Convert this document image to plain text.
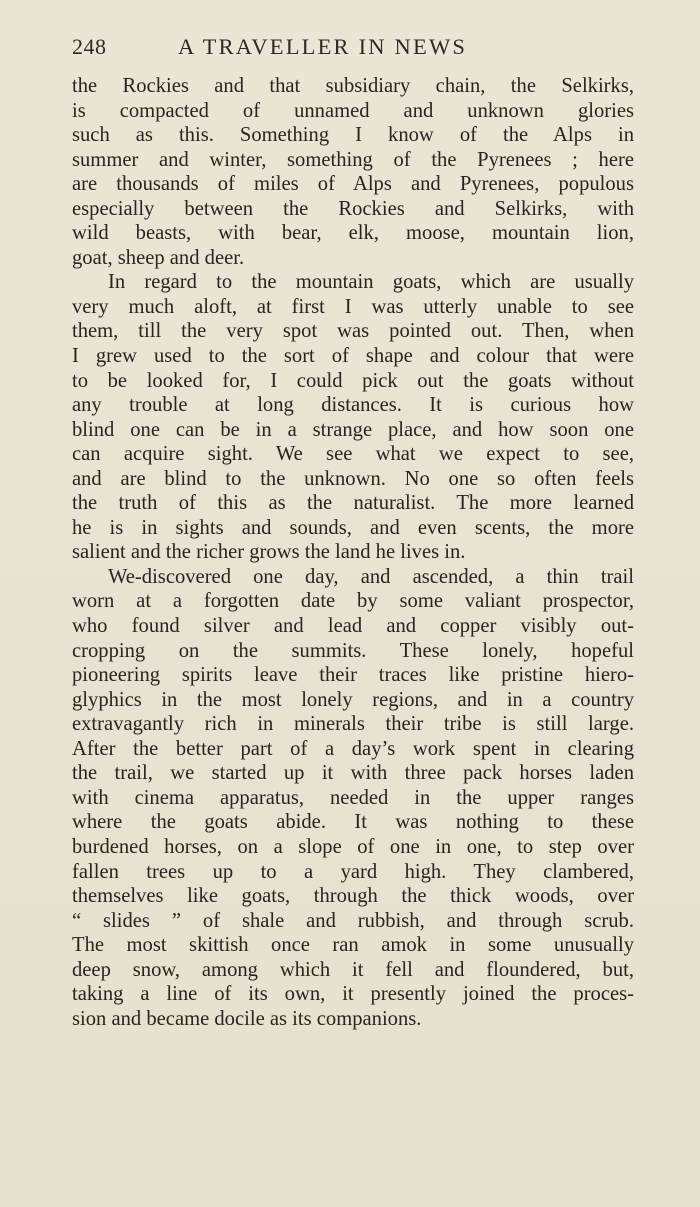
248	A TRAVELLER IN NEWS
the Rockies and that subsidiary chain, the Selkirks,
is compacted of unnamed and unknown glories
such as this. Something I know of the Alps in
summer and winter, something of the Pyrenees ; here
are thousands of miles of Alps and Pyrenees, populous
especially between the Rockies and Selkirks, with
wild beasts, with bear, elk, moose, mountain lion,
goat, sheep and deer.
In regard to the mountain goats, which are usually
very much aloft, at first I was utterly unable to see
them, till the very spot was pointed out. Then, when
I grew used to the sort of shape and colour that were
to be looked for, I could pick out the goats without
any trouble at long distances. It is curious how
blind one can be in a strange place, and how soon one
can acquire sight. We see what we expect to see,
and are blind to the unknown. No one so often feels
the truth of this as the naturalist. The more learned
he is in sights and sounds, and even scents, the more
salient and the richer grows the land he lives in.
We-discovered one day, and ascended, a thin trail
worn at a forgotten date by some valiant prospector,
who found silver and lead and copper visibly out-
cropping on the summits. These lonely, hopeful
pioneering spirits leave their traces like pristine hiero-
glyphics in the most lonely regions, and in a country
extravagantly rich in minerals their tribe is still large.
After the better part of a day’s work spent in clearing
the trail, we started up it with three pack horses laden
with cinema apparatus, needed in the upper ranges
where the goats abide. It was nothing to these
burdened horses, on a slope of one in one, to step over
fallen trees up to a yard high. They clambered,
themselves like goats, through the thick woods, over
“ slides ” of shale and rubbish, and through scrub.
The most skittish once ran amok in some unusually
deep snow, among which it fell and floundered, but,
taking a line of its own, it presently joined the proces-
sion and became docile as its companions.
